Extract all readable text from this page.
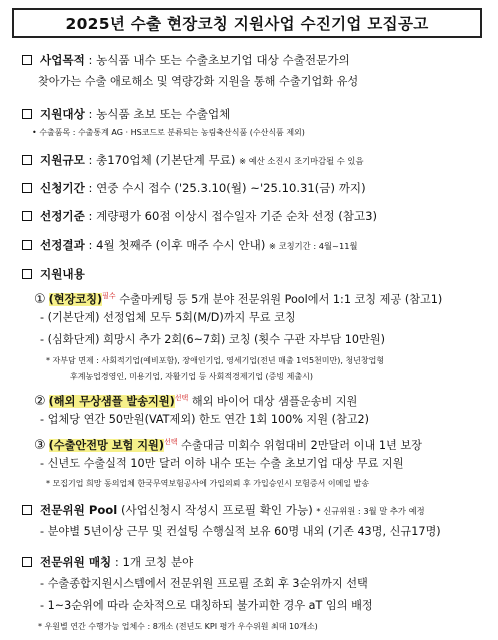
2025년 수출 현장코칭 지원사업 수진기업 모집공고
사업목적 : 농식품 내수 또는 수출초보기업 대상 수출전문가의
찾아가는 수출 애로해소 및 역량강화 지원을 통해 수출기업화 유성
지원대상 : 농식품 초보 또는 수출업체
• 수출품목 : 수출통계 AG · HS코드로 분류되는 농림축산식품 (수산식품 제외)
지원규모 : 총170업체 (기본단계 무료) ※ 예산 소진시 조기마감될 수 있음
신청기간 : 연중 수시 접수 ('25.3.10(월) ~'25.10.31(금) 까지)
선정기준 : 계량평가 60점 이상시 접수일자 기준 순차 선정 (참고3)
선정결과 : 4월 첫째주 (이후 매주 수시 안내) ※ 코칭기간 : 4월~11월
지원내용
① (현장코칭)$^{필수}$ 수출마케팅 등 5개 분야 전문위원 Pool에서 1:1 코칭 제공 (참고1)
- (기본단계) 선정업체 모두 5회(M/D)까지 무료 코칭
- (심화단계) 희망시 추가 2회(6~7회) 코칭 (횟수 구관 자부담 10만원)
* 자부담 면제 : 사회적기업(예비포함), 장애인기업, 영세기업(전년 매출 1억5천미만), 청년창업형
후계농업경영인, 미용기업, 자활기업 등 사회적경제기업 (증빙 제출시)
② (해외 무상샘플 발송지원)$^{선택}$ 해외 바이어 대상 샘플운송비 지원
- 업체당 연간 50만원(VAT제외) 한도 연간 1회 100% 지원 (참고2)
③ (수출안전망 보험 지원)$^{선택}$ 수출대금 미회수 위험대비 2만달러 이내 1년 보장
- 신년도 수출실적 10만 달러 이하 내수 또는 수출 초보기업 대상 무료 지원
* 모집기업 희망 동의업체 한국무역보험공사에 가입의뢰 후 가입승인시 모험증서 이메일 발송
전문위원 Pool (사업신청시 작성시 프로필 확인 가능) * 신규위원 : 3월 말 추가 예정
- 분야별 5년이상 근무 및 컨설팅 수행실적 보유 60명 내외 (기존 43명, 신규17명)
전문위원 매칭 : 1개 코칭 분야
- 수출종합지원시스템에서 전문위원 프로필 조회 후 3순위까지 선택
- 1~3순위에 따라 순차적으로 대칭하되 불가피한 경우 aT 임의 배정
* 우원별 연간 수행가능 업체수 : 8개소 (전년도 KPI 평가 우수위원 최대 10개소)
